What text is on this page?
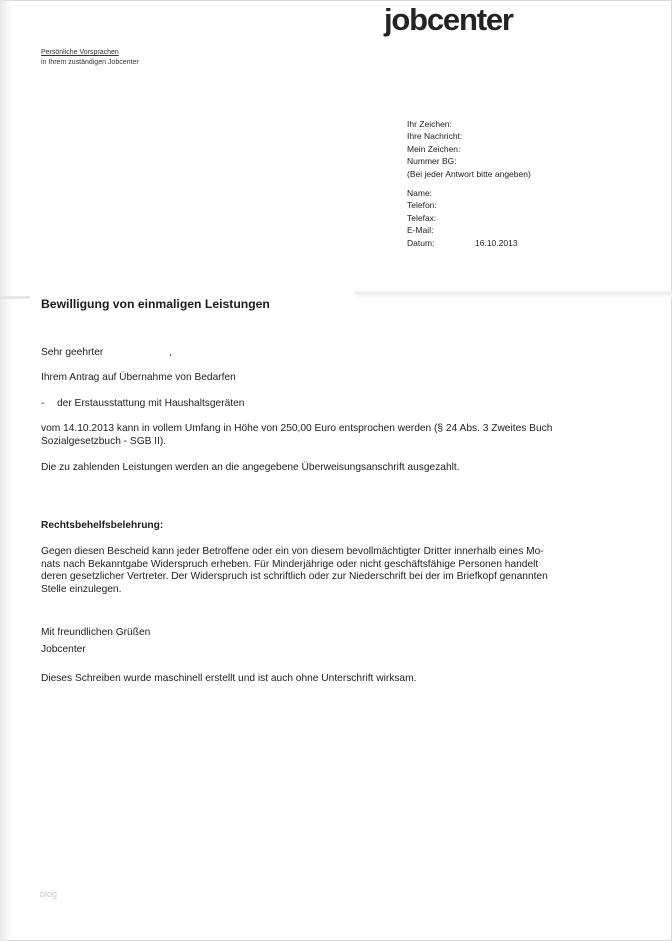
jobcenter
Persönliche Vorsprachen
in Ihrem zuständigen Jobcenter
Ihr Zeichen:
Ihre Nachricht:
Mein Zeichen:
Nummer BG:
(Bei jeder Antwort bitte angeben)
Name:
Telefon:
Telefax:
E-Mail:
Datum:	16.10.2013
Bewilligung von einmaligen Leistungen
Sehr geehrter	,
Ihrem Antrag auf Übernahme von Bedarfen
- der Erstausstattung mit Haushaltsgeräten
vom 14.10.2013 kann in vollem Umfang in Höhe von 250,00 Euro entsprochen werden (§ 24 Abs. 3 Zweites Buch
Sozialgesetzbuch - SGB II).
Die zu zahlenden Leistungen werden an die angegebene Überweisungsanschrift ausgezahlt.
Rechtsbehelfsbelehrung:
Gegen diesen Bescheid kann jeder Betroffene oder ein von diesem bevollmächtigter Dritter innerhalb eines Mo-
nats nach Bekanntgabe Widerspruch erheben. Für Minderjährige oder nicht geschäftsfähige Personen handelt
deren gesetzlicher Vertreter. Der Widerspruch ist schriftlich oder zur Niederschrift bei der im Briefkopf genannten
Stelle einzulegen.
Mit freundlichen Grüßen
Jobcenter
Dieses Schreiben wurde maschinell erstellt und ist auch ohne Unterschrift wirksam.
blog
